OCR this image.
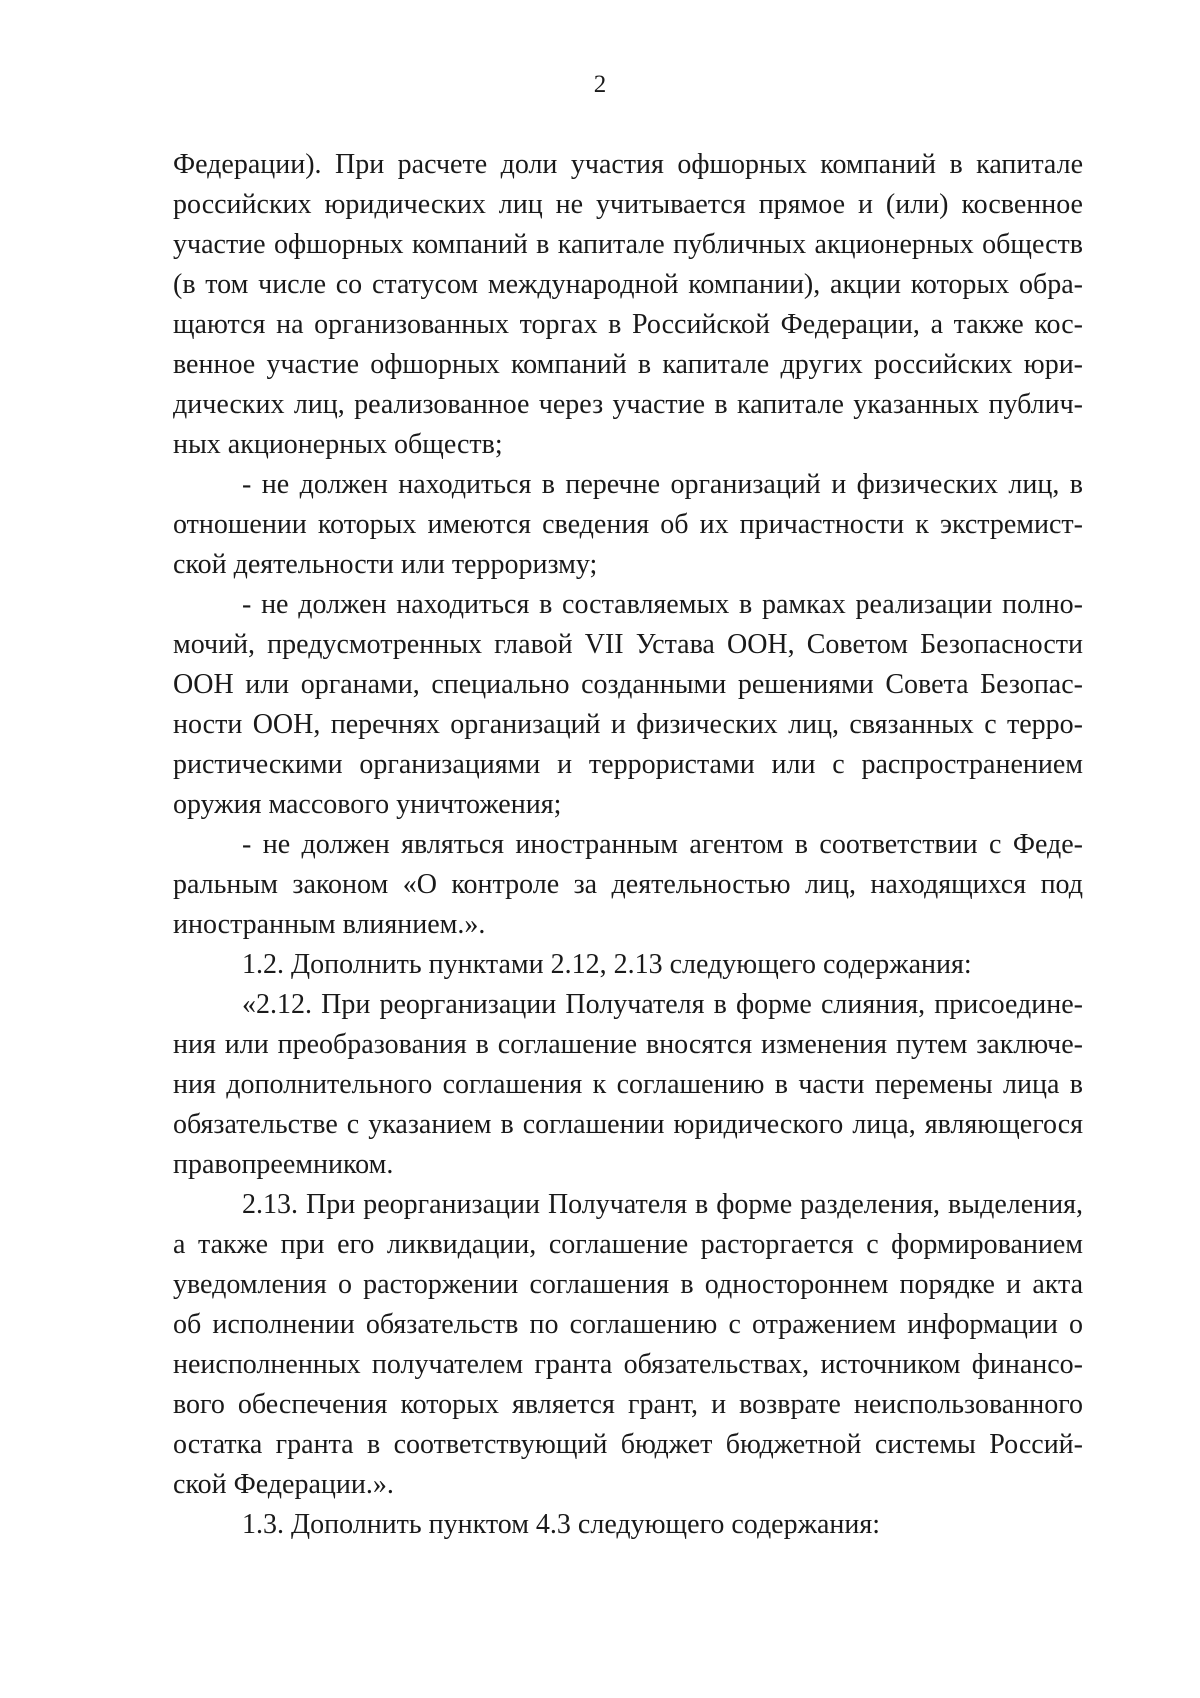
2
Федерации). При расчете доли участия офшорных компаний в капитале
российских юридических лиц не учитывается прямое и (или) косвенное
участие офшорных компаний в капитале публичных акционерных обществ
(в том числе со статусом международной компании), акции которых обра-
щаются на организованных торгах в Российской Федерации, а также кос-
венное участие офшорных компаний в капитале других российских юри-
дических лиц, реализованное через участие в капитале указанных публич-
ных акционерных обществ;
- не должен находиться в перечне организаций и физических лиц, в
отношении которых имеются сведения об их причастности к экстремист-
ской деятельности или терроризму;
- не должен находиться в составляемых в рамках реализации полно-
мочий, предусмотренных главой VII Устава ООН, Советом Безопасности
ООН или органами, специально созданными решениями Совета Безопас-
ности ООН, перечнях организаций и физических лиц, связанных с терро-
ристическими организациями и террористами или с распространением
оружия массового уничтожения;
- не должен являться иностранным агентом в соответствии с Феде-
ральным законом «О контроле за деятельностью лиц, находящихся под
иностранным влиянием.».
1.2. Дополнить пунктами 2.12, 2.13 следующего содержания:
«2.12. При реорганизации Получателя в форме слияния, присоедине-
ния или преобразования в соглашение вносятся изменения путем заключе-
ния дополнительного соглашения к соглашению в части перемены лица в
обязательстве с указанием в соглашении юридического лица, являющегося
правопреемником.
2.13. При реорганизации Получателя в форме разделения, выделения,
а также при его ликвидации, соглашение расторгается с формированием
уведомления о расторжении соглашения в одностороннем порядке и акта
об исполнении обязательств по соглашению с отражением информации о
неисполненных получателем гранта обязательствах, источником финансо-
вого обеспечения которых является грант, и возврате неиспользованного
остатка гранта в соответствующий бюджет бюджетной системы Россий-
ской Федерации.».
1.3. Дополнить пунктом 4.3 следующего содержания:
